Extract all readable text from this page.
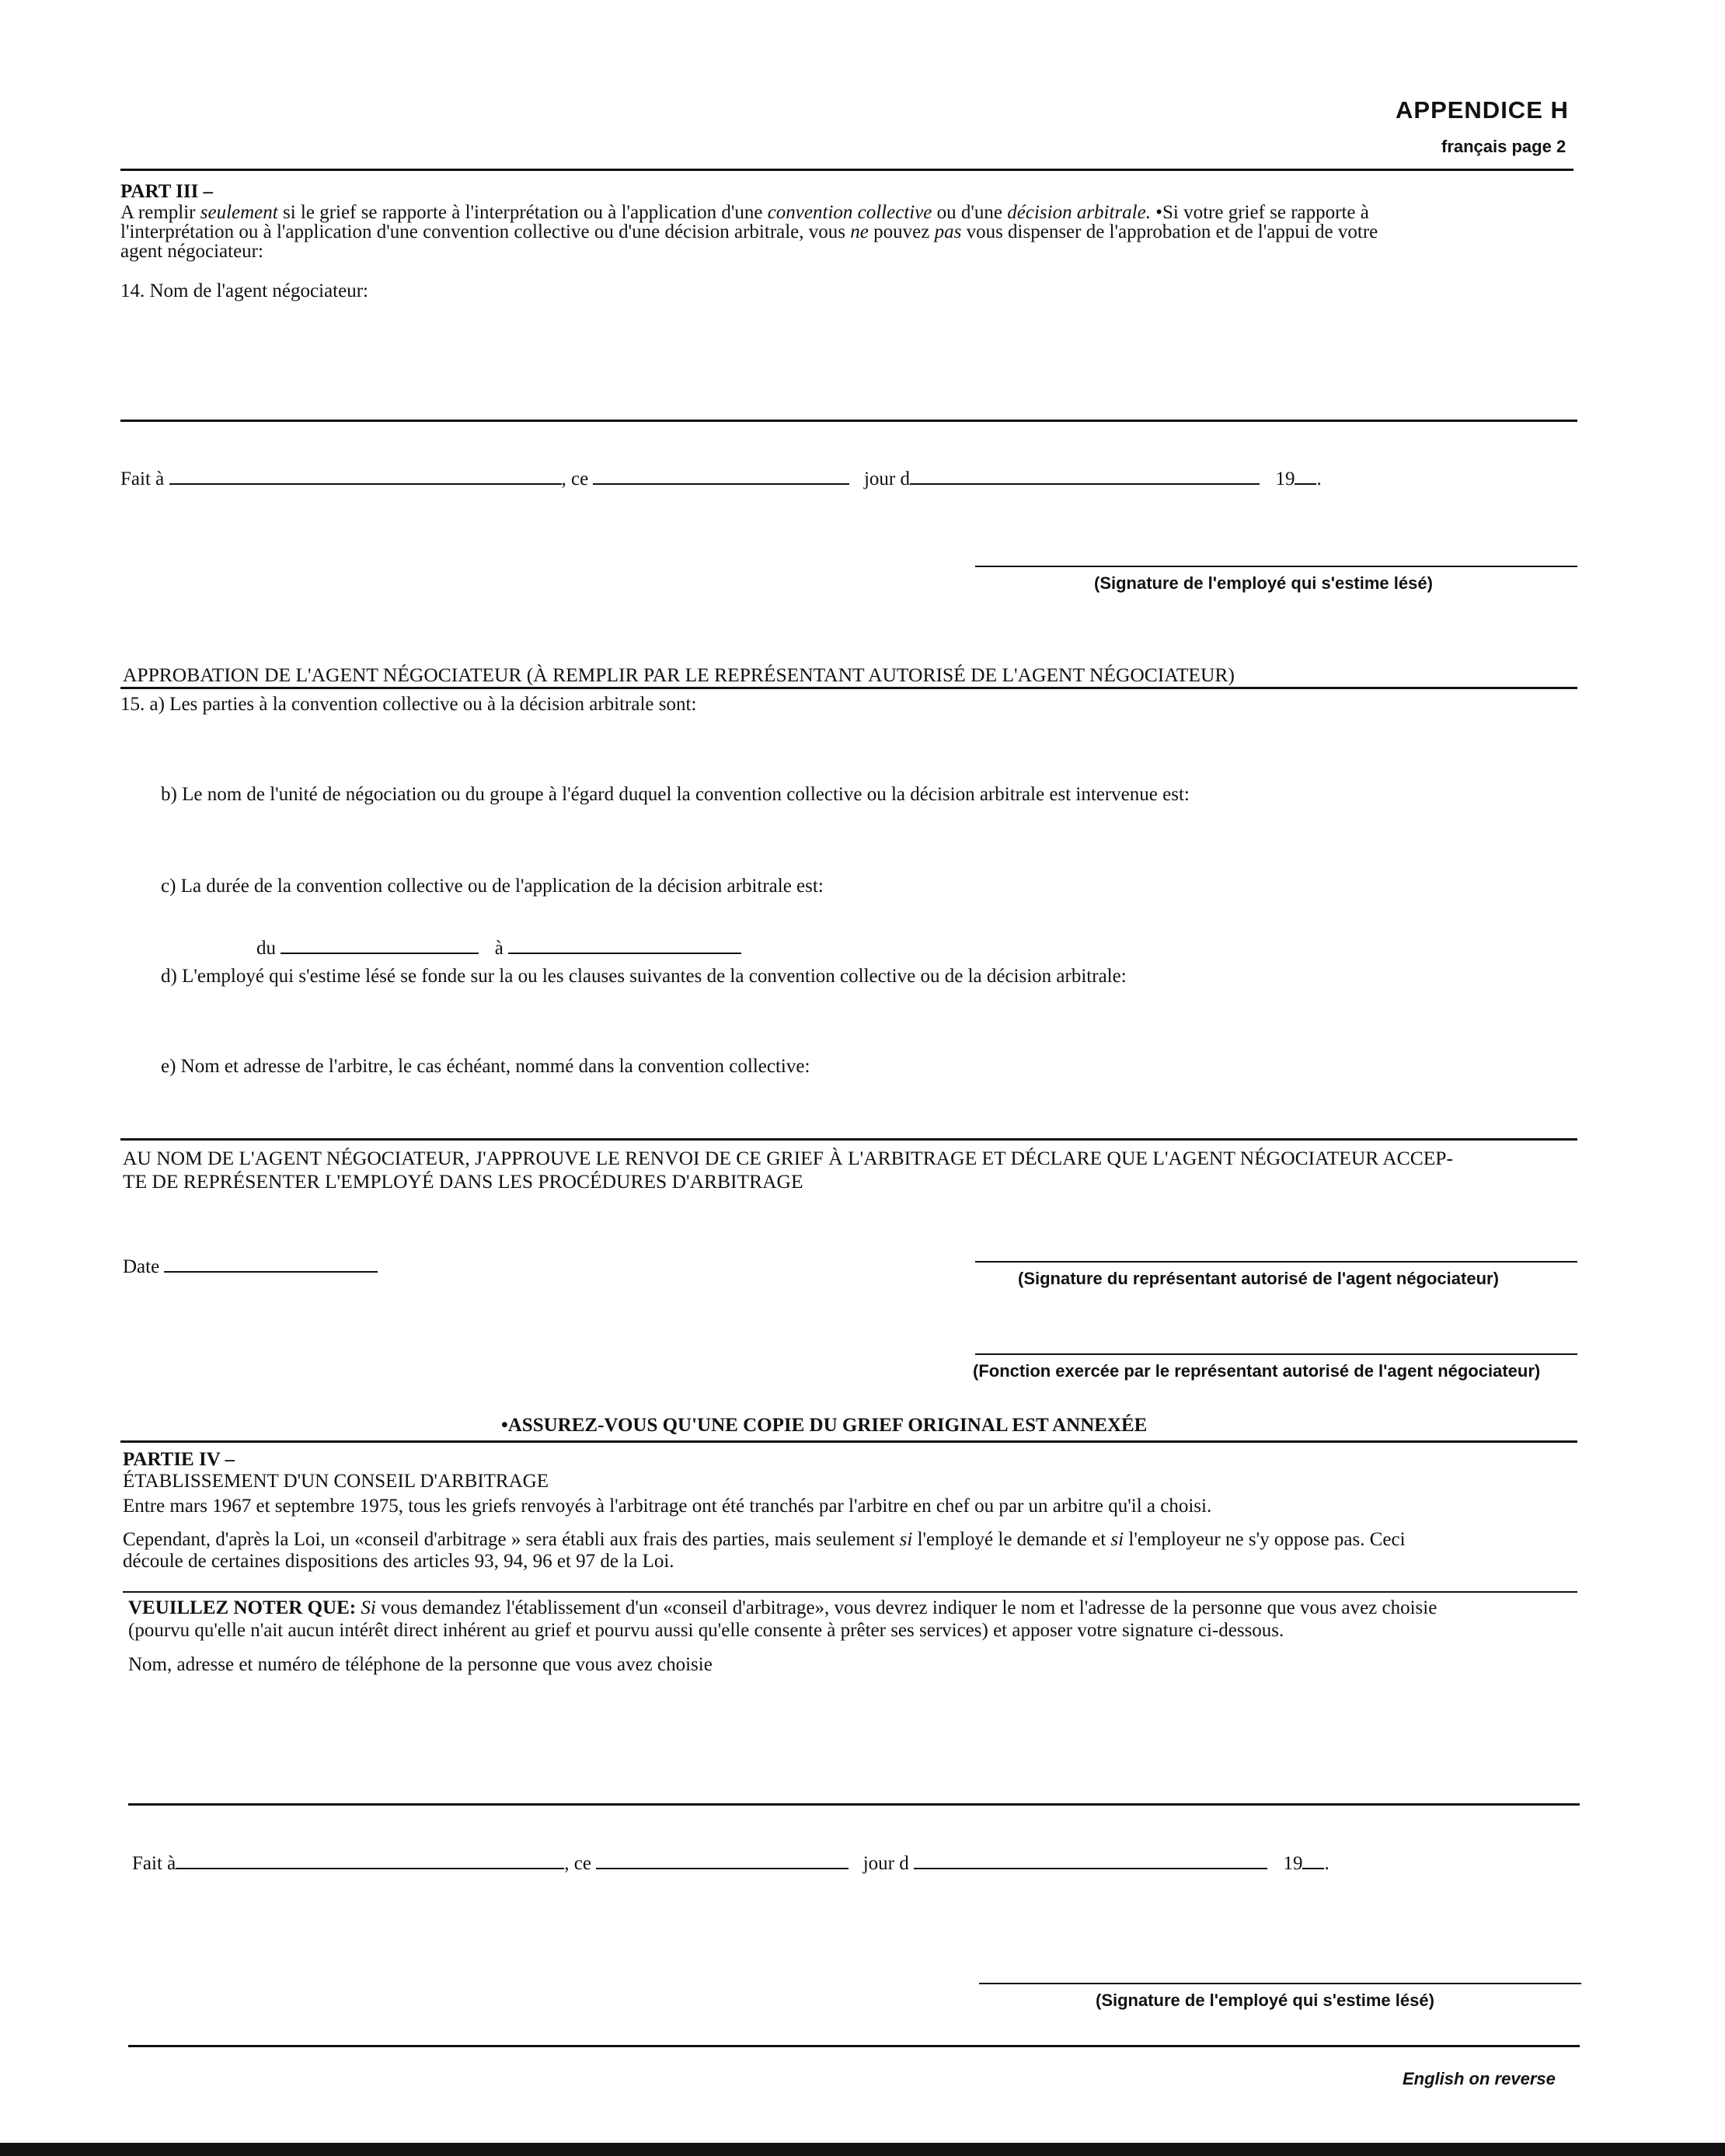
APPENDICE H
français page 2
PART III –
A remplir seulement si le grief se rapporte à l'interprétation ou à l'application d'une convention collective ou d'une décision arbitrale. •Si votre grief se rapporte à
l'interprétation ou à l'application d'une convention collective ou d'une décision arbitrale, vous ne pouvez pas vous dispenser de l'approbation et de l'appui de votre
agent négociateur:
14. Nom de l'agent négociateur:
Fait à	, ce	jour d	19 .
(Signature de l'employé qui s'estime lésé)
APPROBATION DE L'AGENT NÉGOCIATEUR (À REMPLIR PAR LE REPRÉSENTANT AUTORISÉ DE L'AGENT NÉGOCIATEUR)
15. a) Les parties à la convention collective ou à la décision arbitrale sont:
b) Le nom de l'unité de négociation ou du groupe à l'égard duquel la convention collective ou la décision arbitrale est intervenue est:
c) La durée de la convention collective ou de l'application de la décision arbitrale est:
du	à
d) L'employé qui s'estime lésé se fonde sur la ou les clauses suivantes de la convention collective ou de la décision arbitrale:
e) Nom et adresse de l'arbitre, le cas échéant, nommé dans la convention collective:
AU NOM DE L'AGENT NÉGOCIATEUR, J'APPROUVE LE RENVOI DE CE GRIEF À L'ARBITRAGE ET DÉCLARE QUE L'AGENT NÉGOCIATEUR ACCEP-
TE DE REPRÉSENTER L'EMPLOYÉ DANS LES PROCÉDURES D'ARBITRAGE
Date
(Signature du représentant autorisé de l'agent négociateur)
(Fonction exercée par le représentant autorisé de l'agent négociateur)
•ASSUREZ-VOUS QU'UNE COPIE DU GRIEF ORIGINAL EST ANNEXÉE
PARTIE IV –
ÉTABLISSEMENT D'UN CONSEIL D'ARBITRAGE
Entre mars 1967 et septembre 1975, tous les griefs renvoyés à l'arbitrage ont été tranchés par l'arbitre en chef ou par un arbitre qu'il a choisi.
Cependant, d'après la Loi, un «conseil d'arbitrage » sera établi aux frais des parties, mais seulement si l'employé le demande et si l'employeur ne s'y oppose pas. Ceci
découle de certaines dispositions des articles 93, 94, 96 et 97 de la Loi.
VEUILLEZ NOTER QUE: Si vous demandez l'établissement d'un «conseil d'arbitrage», vous devrez indiquer le nom et l'adresse de la personne que vous avez choisie
(pourvu qu'elle n'ait aucun intérêt direct inhérent au grief et pourvu aussi qu'elle consente à prêter ses services) et apposer votre signature ci-dessous.
Nom, adresse et numéro de téléphone de la personne que vous avez choisie
Fait à	, ce	jour d	19 .
(Signature de l'employé qui s'estime lésé)
English on reverse
